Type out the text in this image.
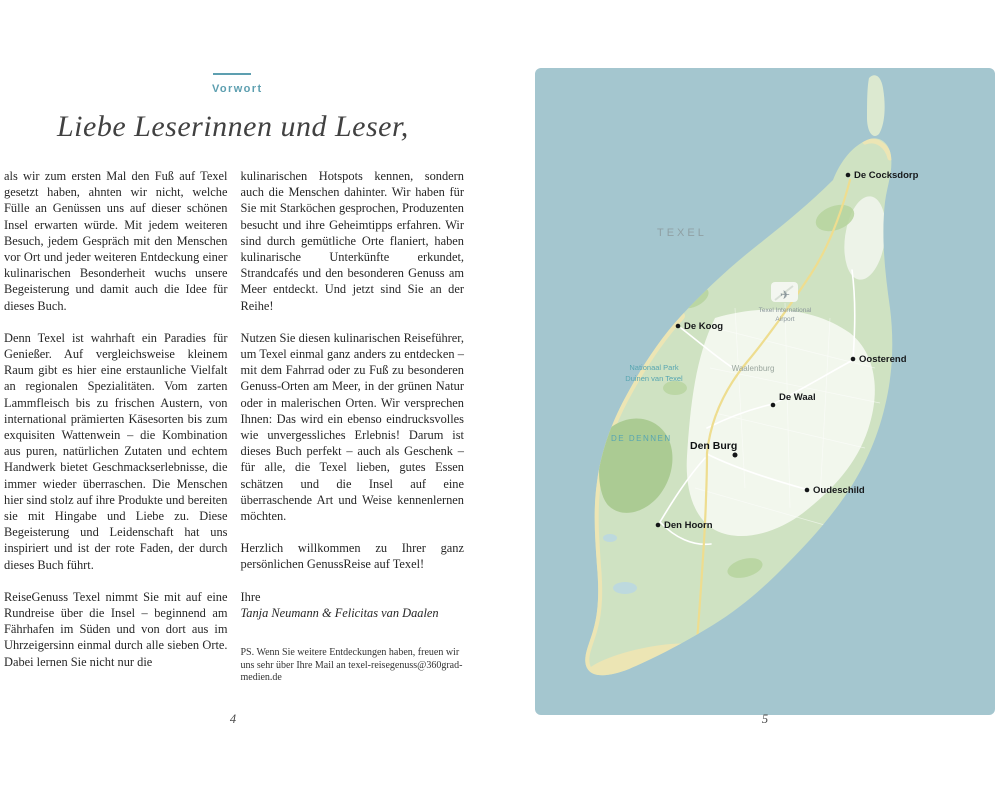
Vorwort
Liebe Leserinnen und Leser,

als wir zum ersten Mal den Fuß auf Texel gesetzt haben, ahnten wir nicht, welche Fülle an Genüssen uns auf dieser schönen Insel erwarten würde. Mit jedem weiteren Besuch, jedem Gespräch mit den Menschen vor Ort und jeder weiteren Entdeckung einer kulinarischen Besonderheit wuchs unsere Begeisterung und damit auch die Idee für dieses Buch.

Denn Texel ist wahrhaft ein Paradies für Genießer. Auf vergleichsweise kleinem Raum gibt es hier eine erstaunliche Vielfalt an regionalen Spezialitäten. Vom zarten Lammfleisch bis zu frischen Austern, von international prämierten Käsesorten bis zum exquisiten Wattenwein – die Kombination aus puren, natürlichen Zutaten und echtem Handwerk bietet Geschmackserlebnisse, die immer wieder überraschen. Die Menschen hier sind stolz auf ihre Produkte und bereiten sie mit Hingabe und Liebe zu. Diese Begeisterung und Leidenschaft hat uns inspiriert und ist der rote Faden, der durch dieses Buch führt.

ReiseGenuss Texel nimmt Sie mit auf eine Rundreise über die Insel – beginnend am Fährhafen im Süden und von dort aus im Uhrzeigersinn einmal durch alle sieben Orte. Dabei lernen Sie nicht nur die

kulinarischen Hotspots kennen, sondern auch die Menschen dahinter. Wir haben für Sie mit Starköchen gesprochen, Produzenten besucht und ihre Geheimtipps erfahren. Wir sind durch gemütliche Orte flaniert, haben kulinarische Unterkünfte erkundet, Strandcafés und den besonderen Genuss am Meer entdeckt. Und jetzt sind Sie an der Reihe!

Nutzen Sie diesen kulinarischen Reiseführer, um Texel einmal ganz anders zu entdecken – mit dem Fahrrad oder zu Fuß zu besonderen Genuss-Orten am Meer, in der grünen Natur oder in malerischen Orten. Wir versprechen Ihnen: Das wird ein ebenso eindrucksvolles wie unvergessliches Erlebnis! Darum ist dieses Buch perfekt – auch als Geschenk – für alle, die Texel lieben, gutes Essen schätzen und die Insel auf eine überraschende Art und Weise kennenlernen möchten.

Herzlich willkommen zu Ihrer ganz persönlichen GenussReise auf Texel!

Ihre

Tanja Neumann & Felicitas van Daalen

PS. Wenn Sie weitere Entdeckungen haben, freuen wir uns sehr über Ihre Mail an texel-reisegenuss@360grad-medien.de

4
✈
Texel International
Airport
TEXEL
Nationaal Park
Duinen van Texel
Waalenburg
DE DENNEN
De Cocksdorp
De Koog
Oosterend
De Waal
Den Burg
Oudeschild
Den Hoorn
5
